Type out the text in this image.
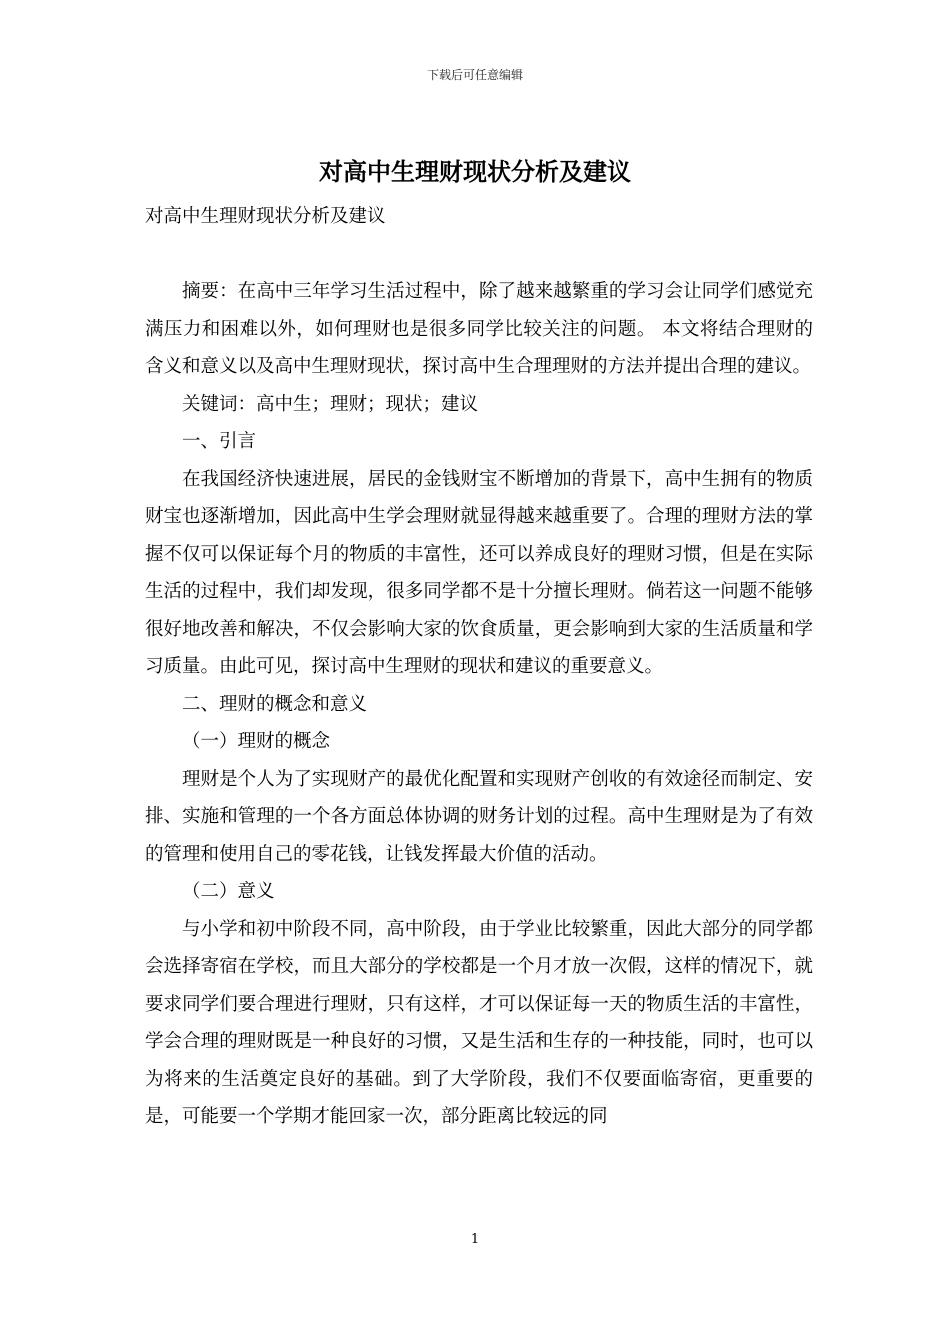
下载后可任意编辑
对高中生理财现状分析及建议

对高中生理财现状分析及建议

摘要：在高中三年学习生活过程中，除了越来越繁重的学习会让同学们感觉充满压力和困难以外，如何理财也是很多同学比较关注的问题。 本文将结合理财的含义和意义以及高中生理财现状，探讨高中生合理理财的方法并提出合理的建议。

关键词：高中生；理财；现状；建议

一、引言

在我国经济快速进展，居民的金钱财宝不断增加的背景下，高中生拥有的物质财宝也逐渐增加，因此高中生学会理财就显得越来越重要了。合理的理财方法的掌握不仅可以保证每个月的物质的丰富性，还可以养成良好的理财习惯，但是在实际生活的过程中，我们却发现，很多同学都不是十分擅长理财。倘若这一问题不能够很好地改善和解决，不仅会影响大家的饮食质量，更会影响到大家的生活质量和学习质量。由此可见，探讨高中生理财的现状和建议的重要意义。

二、理财的概念和意义

（一）理财的概念

理财是个人为了实现财产的最优化配置和实现财产创收的有效途径而制定、安排、实施和管理的一个各方面总体协调的财务计划的过程。高中生理财是为了有效的管理和使用自己的零花钱，让钱发挥最大价值的活动。

（二）意义

与小学和初中阶段不同，高中阶段，由于学业比较繁重，因此大部分的同学都会选择寄宿在学校，而且大部分的学校都是一个月才放一次假，这样的情况下，就要求同学们要合理进行理财，只有这样，才可以保证每一天的物质生活的丰富性，学会合理的理财既是一种良好的习惯，又是生活和生存的一种技能，同时，也可以为将来的生活奠定良好的基础。到了大学阶段，我们不仅要面临寄宿，更重要的是，可能要一个学期才能回家一次，部分距离比较远的同

1
